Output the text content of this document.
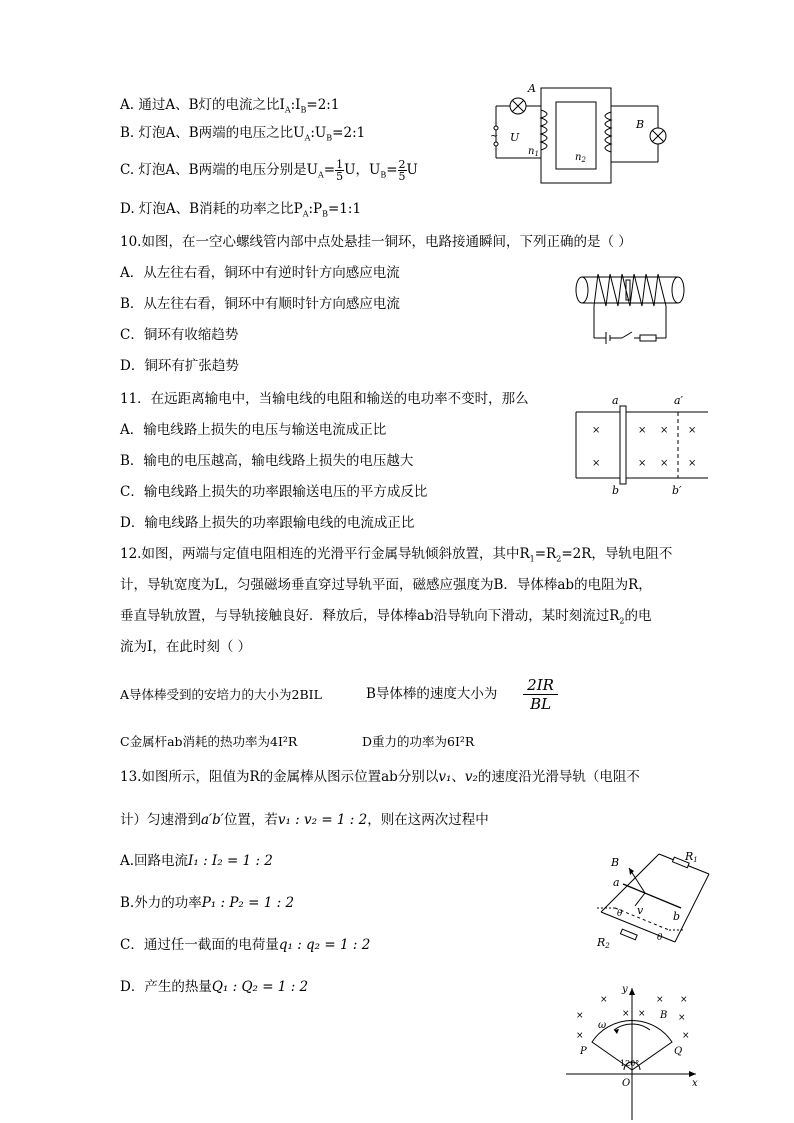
A. 通过A、B灯的电流之比$I_A:I_B=2:1$
B. 灯泡A、B两端的电压之比$U_A:U_B=2:1$
C. 灯泡A、B两端的电压分别是$U_A= \frac{1}{5}$ U，$U_B= \frac{2}{5}$ U
D. 灯泡A、B消耗的功率之比$P_A:P_B=1:1$
A
~ U
$n_1$	$n_2$
B
10.如图，在一空心螺线管内部中点处悬挂一铜环，电路接通瞬间，下列正确的是（ ）
A．从左往右看，铜环中有逆时针方向感应电流
B．从左往右看，铜环中有顺时针方向感应电流
C．铜环有收缩趋势
D．铜环有扩张趋势
11．在远距离输电中，当输电线的电阻和输送的电功率不变时，那么
A．输电线路上损失的电压与输送电流成正比
B．输电的电压越高，输电线路上损失的电压越大
C．输电线路上损失的功率跟输送电压的平方成反比
D．输电线路上损失的功率跟输电线的电流成正比
×
×
×
×
×
×
×
×
a	a′
b	b′
12.如图，两端与定值电阻相连的光滑平行金属导轨倾斜放置，其中$R_1=R_2=2R$，导轨电阻不
计，导轨宽度为L，匀强磁场垂直穿过导轨平面，磁感应强度为B．导体棒ab的电阻为R，
垂直导轨放置，与导轨接触良好．释放后，导体棒ab沿导轨向下滑动，某时刻流过$R_2$的电
流为I，在此时刻（ ）
A导体棒受到的安培力的大小为2BIL	B导体棒的速度大小为 $\frac{2IR}{BL}$
C金属杆ab消耗的热功率为4I²R	D重力的功率为6I²R
13.如图所示，阻值为R的金属棒从图示位置ab分别以v₁、v₂的速度沿光滑导轨（电阻不
计）匀速滑到a′b′位置，若v₁ : v₂ = 1 : 2，则在这两次过程中
A.回路电流I₁ : I₂ = 1 : 2
B.外力的功率P₁ : P₂ = 1 : 2
C．通过任一截面的电荷量q₁ : q₂ = 1 : 2
D．产生的热量Q₁ : Q₂ = 1 : 2
B	R1
a
v	b
θ
θ
R2
×
×	× ×
×
×	×
× ×
y
x
ω
B
P	Q
O
120°
